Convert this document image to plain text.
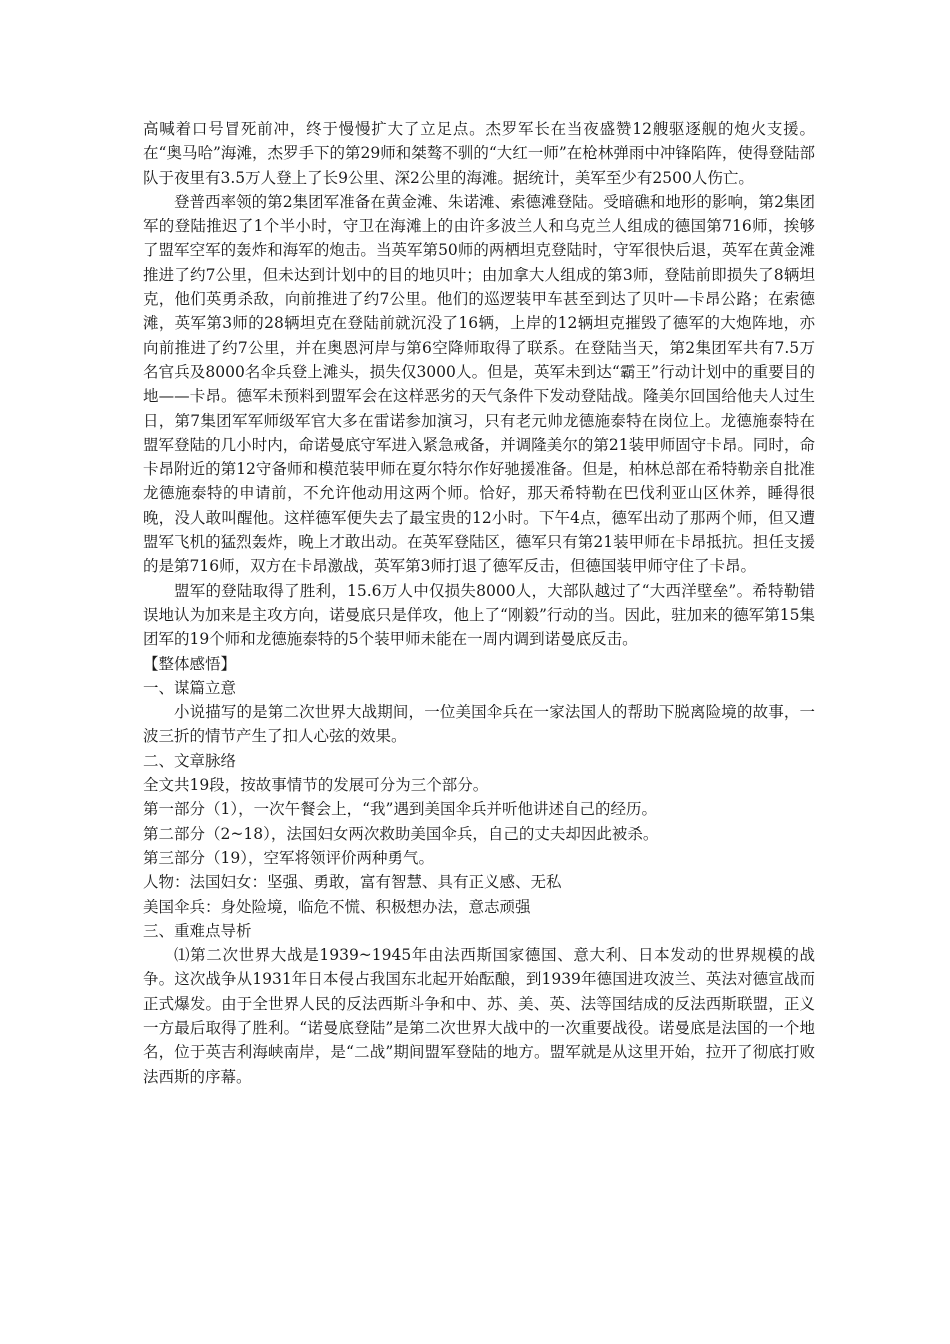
高喊着口号冒死前冲，终于慢慢扩大了立足点。杰罗军长在当夜盛赞12艘驱逐舰的炮火支援。在“奥马哈”海滩，杰罗手下的第29师和桀骜不驯的“大红一师”在枪林弹雨中冲锋陷阵，使得登陆部队于夜里有3.5万人登上了长9公里、深2公里的海滩。据统计，美军至少有2500人伤亡。

登普西率领的第2集团军准备在黄金滩、朱诺滩、索德滩登陆。受暗礁和地形的影响，第2集团军的登陆推迟了1个半小时，守卫在海滩上的由许多波兰人和乌克兰人组成的德国第716师，挨够了盟军空军的轰炸和海军的炮击。当英军第50师的两栖坦克登陆时，守军很快后退，英军在黄金滩推进了约7公里，但未达到计划中的目的地贝叶；由加拿大人组成的第3师，登陆前即损失了8辆坦克，他们英勇杀敌，向前推进了约7公里。他们的巡逻装甲车甚至到达了贝叶—卡昂公路；在索德滩，英军第3师的28辆坦克在登陆前就沉没了16辆，上岸的12辆坦克摧毁了德军的大炮阵地，亦向前推进了约7公里，并在奥恩河岸与第6空降师取得了联系。在登陆当天，第2集团军共有7.5万名官兵及8000名伞兵登上滩头，损失仅3000人。但是，英军未到达“霸王”行动计划中的重要目的地——卡昂。德军未预料到盟军会在这样恶劣的天气条件下发动登陆战。隆美尔回国给他夫人过生日，第7集团军军师级军官大多在雷诺参加演习，只有老元帅龙德施泰特在岗位上。龙德施泰特在盟军登陆的几小时内，命诺曼底守军进入紧急戒备，并调隆美尔的第21装甲师固守卡昂。同时，命卡昂附近的第12守备师和模范装甲师在夏尔特尔作好驰援准备。但是，柏林总部在希特勒亲自批准龙德施泰特的申请前，不允许他动用这两个师。恰好，那天希特勒在巴伐利亚山区休养，睡得很晚，没人敢叫醒他。这样德军便失去了最宝贵的12小时。下午4点，德军出动了那两个师，但又遭盟军飞机的猛烈轰炸，晚上才敢出动。在英军登陆区，德军只有第21装甲师在卡昂抵抗。担任支援的是第716师，双方在卡昂激战，英军第3师打退了德军反击，但德国装甲师守住了卡昂。

盟军的登陆取得了胜利，15.6万人中仅损失8000人，大部队越过了“大西洋壁垒”。希特勒错误地认为加来是主攻方向，诺曼底只是佯攻，他上了“刚毅”行动的当。因此，驻加来的德军第15集团军的19个师和龙德施泰特的5个装甲师未能在一周内调到诺曼底反击。

【整体感悟】

一、谋篇立意

小说描写的是第二次世界大战期间，一位美国伞兵在一家法国人的帮助下脱离险境的故事，一波三折的情节产生了扣人心弦的效果。

二、文章脉络

全文共19段，按故事情节的发展可分为三个部分。

第一部分（1），一次午餐会上，“我”遇到美国伞兵并听他讲述自己的经历。

第二部分（2~18），法国妇女两次救助美国伞兵，自己的丈夫却因此被杀。

第三部分（19），空军将领评价两种勇气。

人物：法国妇女：坚强、勇敢，富有智慧、具有正义感、无私

美国伞兵：身处险境，临危不慌、积极想办法，意志顽强

三、重难点导析

⑴第二次世界大战是1939~1945年由法西斯国家德国、意大利、日本发动的世界规模的战争。这次战争从1931年日本侵占我国东北起开始酝酿，到1939年德国进攻波兰、英法对德宣战而正式爆发。由于全世界人民的反法西斯斗争和中、苏、美、英、法等国结成的反法西斯联盟，正义一方最后取得了胜利。“诺曼底登陆”是第二次世界大战中的一次重要战役。诺曼底是法国的一个地名，位于英吉利海峡南岸，是“二战”期间盟军登陆的地方。盟军就是从这里开始，拉开了彻底打败法西斯的序幕。
